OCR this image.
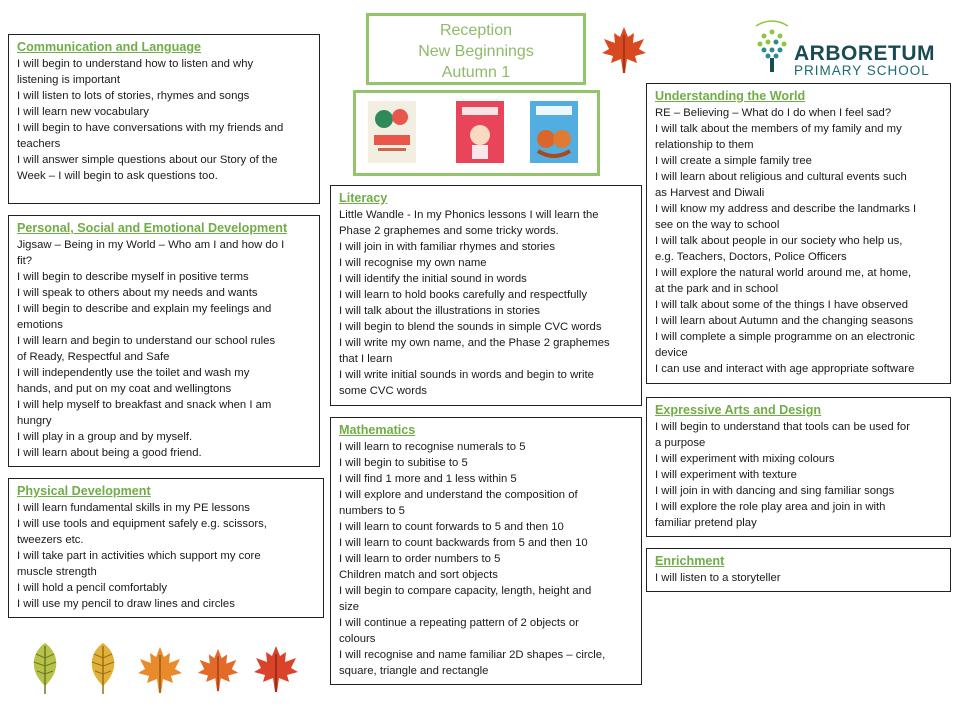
Reception
New Beginnings
Autumn 1
ARBORETUM
PRIMARY SCHOOL
Communication and Language
I will begin to understand how to listen and why
listening is important
I will listen to lots of stories, rhymes and songs
I will learn new vocabulary
I will begin to have conversations with my friends and
teachers
I will answer simple questions about our Story of the
Week – I will begin to ask questions too.
Personal, Social and Emotional Development
Jigsaw – Being in my World – Who am I and how do I
fit?
I will begin to describe myself in positive terms
I will speak to others about my needs and wants
I will begin to describe and explain my feelings and
emotions
I will learn and begin to understand our school rules
of Ready, Respectful and Safe
I will independently use the toilet and wash my
hands, and put on my coat and wellingtons
I will help myself to breakfast and snack when I am
hungry
I will play in a group and by myself.
I will learn about being a good friend.
Physical Development
I will learn fundamental skills in my PE lessons
I will use tools and equipment safely e.g. scissors,
tweezers etc.
I will take part in activities which support my core
muscle strength
I will hold a pencil comfortably
I will use my pencil to draw lines and circles
Literacy
Little Wandle - In my Phonics lessons I will learn the
Phase 2 graphemes and some tricky words.
I will join in with familiar rhymes and stories
I will recognise my own name
I will identify the initial sound in words
I will learn to hold books carefully and respectfully
I will talk about the illustrations in stories
I will begin to blend the sounds in simple CVC words
I will write my own name, and the Phase 2 graphemes
that I learn
I will write initial sounds in words and begin to write
some CVC words
Mathematics
I will learn to recognise numerals to 5
I will begin to subitise to 5
I will find 1 more and 1 less within 5
I will explore and understand the composition of
numbers to 5
I will learn to count forwards to 5 and then 10
I will learn to count backwards from 5 and then 10
I will learn to order numbers to 5
Children match and sort objects
I will begin to compare capacity, length, height and
size
I will continue a repeating pattern of 2 objects or
colours
I will recognise and name familiar 2D shapes – circle,
square, triangle and rectangle
Understanding the World
RE – Believing – What do I do when I feel sad?
I will talk about the members of my family and my
relationship to them
I will create a simple family tree
I will learn about religious and cultural events such
as Harvest and Diwali
I will know my address and describe the landmarks I
see on the way to school
I will talk about people in our society who help us,
e.g. Teachers, Doctors, Police Officers
I will explore the natural world around me, at home,
at the park and in school
I will talk about some of the things I have observed
I will learn about Autumn and the changing seasons
I will complete a simple programme on an electronic
device
I can use and interact with age appropriate software
Expressive Arts and Design
I will begin to understand that tools can be used for
a purpose
I will experiment with mixing colours
I will experiment with texture
I will join in with dancing and sing familiar songs
I will explore the role play area and join in with
familiar pretend play
Enrichment
I will listen to a storyteller
